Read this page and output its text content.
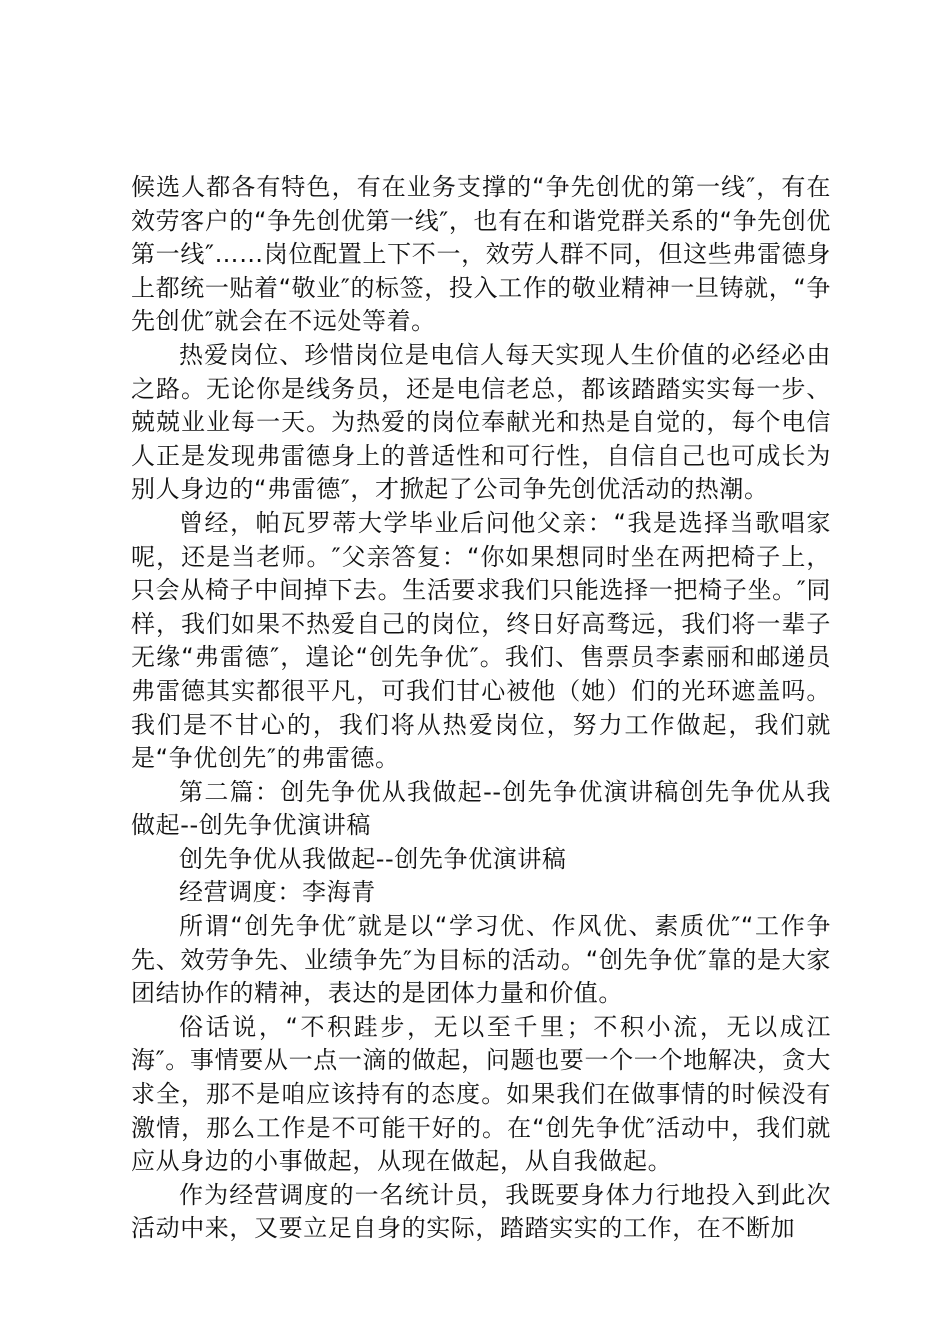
候选人都各有特色，有在业务支撑的“争先创优的第一线″，有在效劳客户的“争先创优第一线″，也有在和谐党群关系的“争先创优第一线″……岗位配置上下不一，效劳人群不同，但这些弗雷德身上都统一贴着“敬业″的标签，投入工作的敬业精神一旦铸就，“争先创优″就会在不远处等着。

热爱岗位、珍惜岗位是电信人每天实现人生价值的必经必由之路。无论你是线务员，还是电信老总，都该踏踏实实每一步、兢兢业业每一天。为热爱的岗位奉献光和热是自觉的，每个电信人正是发现弗雷德身上的普适性和可行性，自信自己也可成长为别人身边的“弗雷德″，才掀起了公司争先创优活动的热潮。

曾经，帕瓦罗蒂大学毕业后问他父亲：“我是选择当歌唱家呢，还是当老师。″父亲答复：“你如果想同时坐在两把椅子上，只会从椅子中间掉下去。生活要求我们只能选择一把椅子坐。″同样，我们如果不热爱自己的岗位，终日好高骛远，我们将一辈子无缘“弗雷德″，遑论“创先争优″。我们、售票员李素丽和邮递员弗雷德其实都很平凡，可我们甘心被他（她）们的光环遮盖吗。我们是不甘心的，我们将从热爱岗位，努力工作做起，我们就是“争优创先″的弗雷德。

第二篇：创先争优从我做起--创先争优演讲稿创先争优从我做起--创先争优演讲稿

创先争优从我做起--创先争优演讲稿

经营调度：李海青

所谓“创先争优″就是以“学习优、作风优、素质优″“工作争先、效劳争先、业绩争先″为目标的活动。“创先争优″靠的是大家团结协作的精神，表达的是团体力量和价值。

俗话说，“不积跬步，无以至千里；不积小流，无以成江海″。事情要从一点一滴的做起，问题也要一个一个地解决，贪大求全，那不是咱应该持有的态度。如果我们在做事情的时候没有激情，那么工作是不可能干好的。在“创先争优″活动中，我们就应从身边的小事做起，从现在做起，从自我做起。

作为经营调度的一名统计员，我既要身体力行地投入到此次活动中来，又要立足自身的实际，踏踏实实的工作，在不断加
